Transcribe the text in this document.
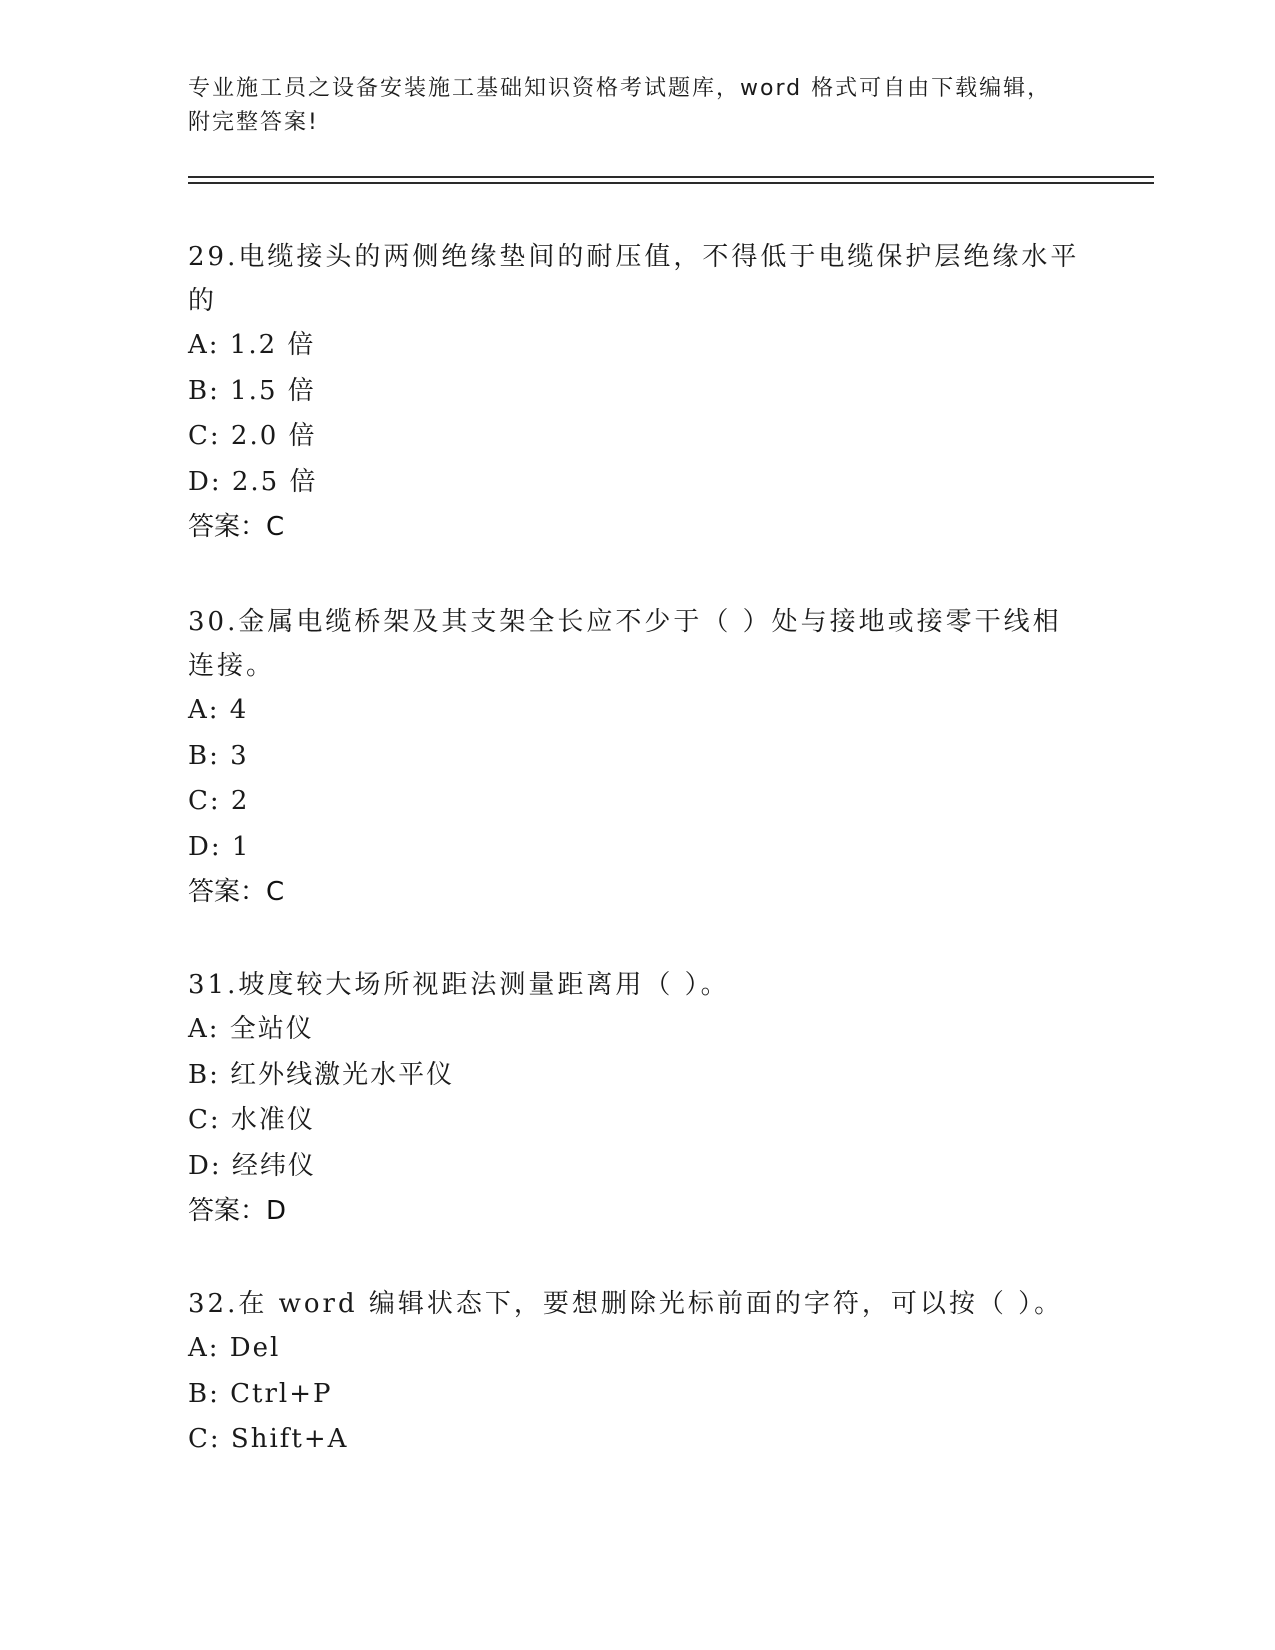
专业施工员之设备安装施工基础知识资格考试题库，word 格式可自由下载编辑，
附完整答案!

29.电缆接头的两侧绝缘垫间的耐压值，不得低于电缆保护层绝缘水平

的

A: 1.2 倍

B: 1.5 倍

C: 2.0 倍

D: 2.5 倍

答案：C

30.金属电缆桥架及其支架全长应不少于（ ）处与接地或接零干线相

连接。

A: 4

B: 3

C: 2

D: 1

答案：C

31.坡度较大场所视距法测量距离用（ ）。

A: 全站仪

B: 红外线激光水平仪

C: 水准仪

D: 经纬仪

答案：D

32.在 word 编辑状态下，要想删除光标前面的字符，可以按（ ）。

A: Del

B: Ctrl+P

C: Shift+A
